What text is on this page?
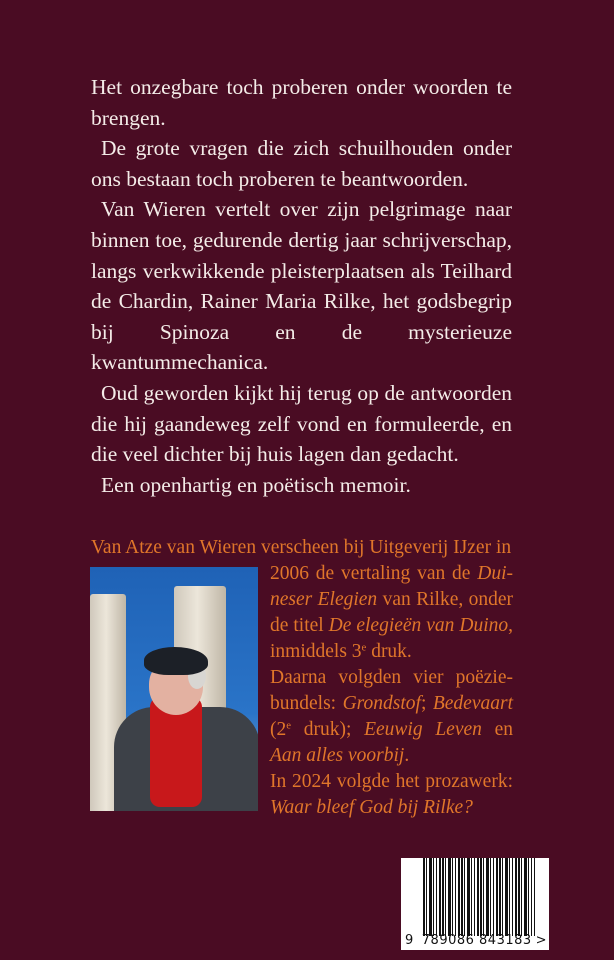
Het onzegbare toch proberen onder woorden te brengen.

De grote vragen die zich schuilhouden onder ons bestaan toch proberen te beantwoorden.

Van Wieren vertelt over zijn pelgrimage naar binnen toe, gedurende dertig jaar schrijverschap, langs verkwikkende pleisterplaatsen als Teilhard de Chardin, Rainer Maria Rilke, het godsbegrip bij Spinoza en de mysterieuze kwantummechanica.

Oud geworden kijkt hij terug op de antwoorden die hij gaandeweg zelf vond en formuleerde, en die veel dichter bij huis lagen dan gedacht.

Een openhartig en poëtisch memoir.

Van Atze van Wieren verscheen bij Uitgeverij IJzer in

2006 de vertaling van de Duineser Elegien van Rilke, onder de titel De elegieën van Duino, inmiddels 3e druk.

Daarna volgden vier poëziebundels: Grondstof; Bedevaart (2e druk); Eeuwig Leven en Aan alles voorbij.

In 2024 volgde het prozawerk: Waar bleef God bij Rilke?

9 789086 843183 >
